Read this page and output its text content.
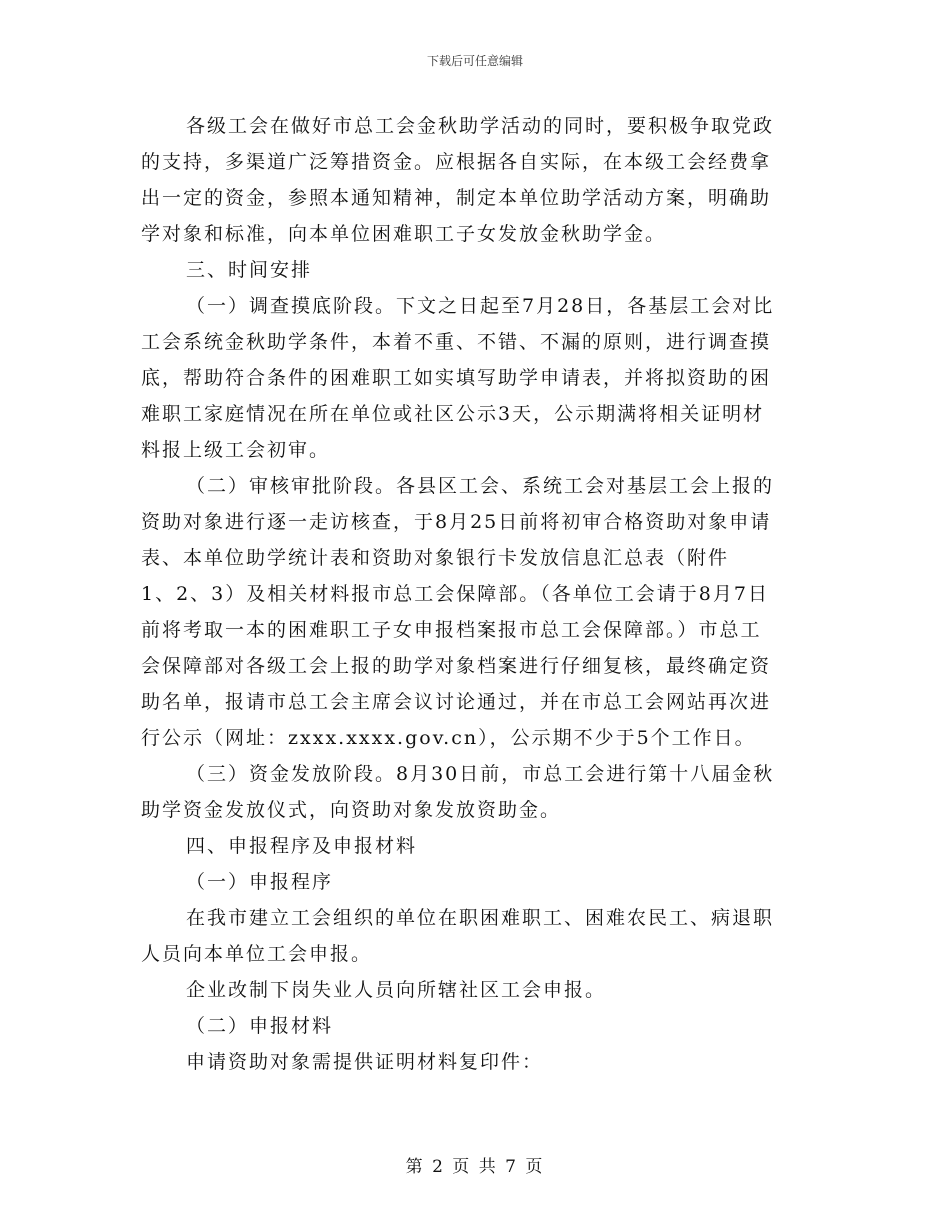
下载后可任意编辑
各级工会在做好市总工会金秋助学活动的同时，要积极争取党政
的支持，多渠道广泛筹措资金。应根据各自实际，在本级工会经费拿
出一定的资金，参照本通知精神，制定本单位助学活动方案，明确助
学对象和标准，向本单位困难职工子女发放金秋助学金。
三、时间安排
（一）调查摸底阶段。下文之日起至7月28日，各基层工会对比
工会系统金秋助学条件，本着不重、不错、不漏的原则，进行调查摸
底，帮助符合条件的困难职工如实填写助学申请表，并将拟资助的困
难职工家庭情况在所在单位或社区公示3天，公示期满将相关证明材
料报上级工会初审。
（二）审核审批阶段。各县区工会、系统工会对基层工会上报的
资助对象进行逐一走访核查，于8月25日前将初审合格资助对象申请
表、本单位助学统计表和资助对象银行卡发放信息汇总表（附件
1、2、3）及相关材料报市总工会保障部。（各单位工会请于8月7日
前将考取一本的困难职工子女申报档案报市总工会保障部。）市总工
会保障部对各级工会上报的助学对象档案进行仔细复核，最终确定资
助名单，报请市总工会主席会议讨论通过，并在市总工会网站再次进
行公示（网址：zxxx.xxxx.gov.cn），公示期不少于5个工作日。
（三）资金发放阶段。8月30日前，市总工会进行第十八届金秋
助学资金发放仪式，向资助对象发放资助金。
四、申报程序及申报材料
（一）申报程序
在我市建立工会组织的单位在职困难职工、困难农民工、病退职
人员向本单位工会申报。
企业改制下岗失业人员向所辖社区工会申报。
（二）申报材料
申请资助对象需提供证明材料复印件：
第 2 页 共 7 页
